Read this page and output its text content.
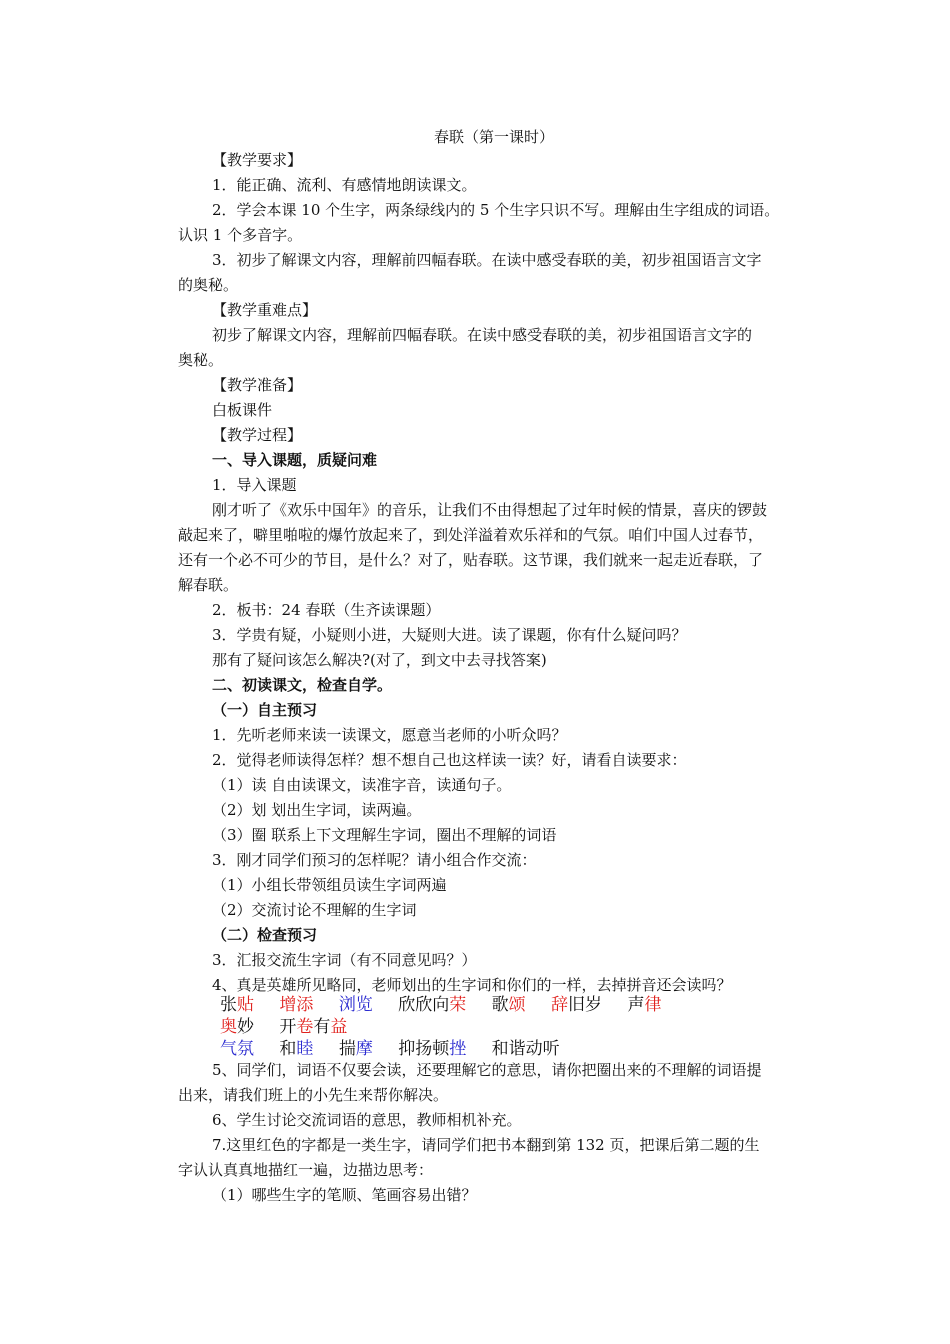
春联（第一课时）
【教学要求】
1．能正确、流利、有感情地朗读课文。
2．学会本课 10 个生字，两条绿线内的 5 个生字只识不写。理解由生字组成的词语。
认识 1 个多音字。
3．初步了解课文内容，理解前四幅春联。在读中感受春联的美，初步祖国语言文字
的奥秘。
【教学重难点】
初步了解课文内容，理解前四幅春联。在读中感受春联的美，初步祖国语言文字的
奥秘。
【教学准备】
白板课件
【教学过程】
一、导入课题，质疑问难
1．导入课题
刚才听了《欢乐中国年》的音乐，让我们不由得想起了过年时候的情景，喜庆的锣鼓
敲起来了，噼里啪啦的爆竹放起来了，到处洋溢着欢乐祥和的气氛。咱们中国人过春节，
还有一个必不可少的节目，是什么？对了，贴春联。这节课，我们就来一起走近春联，了
解春联。
2．板书：24 春联（生齐读课题）
3．学贵有疑，小疑则小进，大疑则大进。读了课题，你有什么疑问吗？
那有了疑问该怎么解决?(对了，到文中去寻找答案)
二、初读课文，检查自学。
（一）自主预习
1．先听老师来读一读课文，愿意当老师的小听众吗？
2．觉得老师读得怎样？想不想自己也这样读一读？好，请看自读要求：
（1）读 自由读课文，读准字音，读通句子。
（2）划 划出生字词，读两遍。
（3）圈 联系上下文理解生字词，圈出不理解的词语
3．刚才同学们预习的怎样呢？请小组合作交流：
（1）小组长带领组员读生字词两遍
（2）交流讨论不理解的生字词
（二）检查预习
3．汇报交流生字词（有不同意见吗？）
4、真是英雄所见略同，老师划出的生字词和你们的一样，去掉拼音还会读吗？
张贴 增添 浏览 欣欣向荣 歌颂 辞旧岁 声律
奥妙 开卷有益
气氛 和睦 揣摩 抑扬顿挫 和谐动听
5、同学们，词语不仅要会读，还要理解它的意思，请你把圈出来的不理解的词语提
出来，请我们班上的小先生来帮你解决。
6、学生讨论交流词语的意思，教师相机补充。
7.这里红色的字都是一类生字，请同学们把书本翻到第 132 页，把课后第二题的生
字认认真真地描红一遍，边描边思考：
（1）哪些生字的笔顺、笔画容易出错？
